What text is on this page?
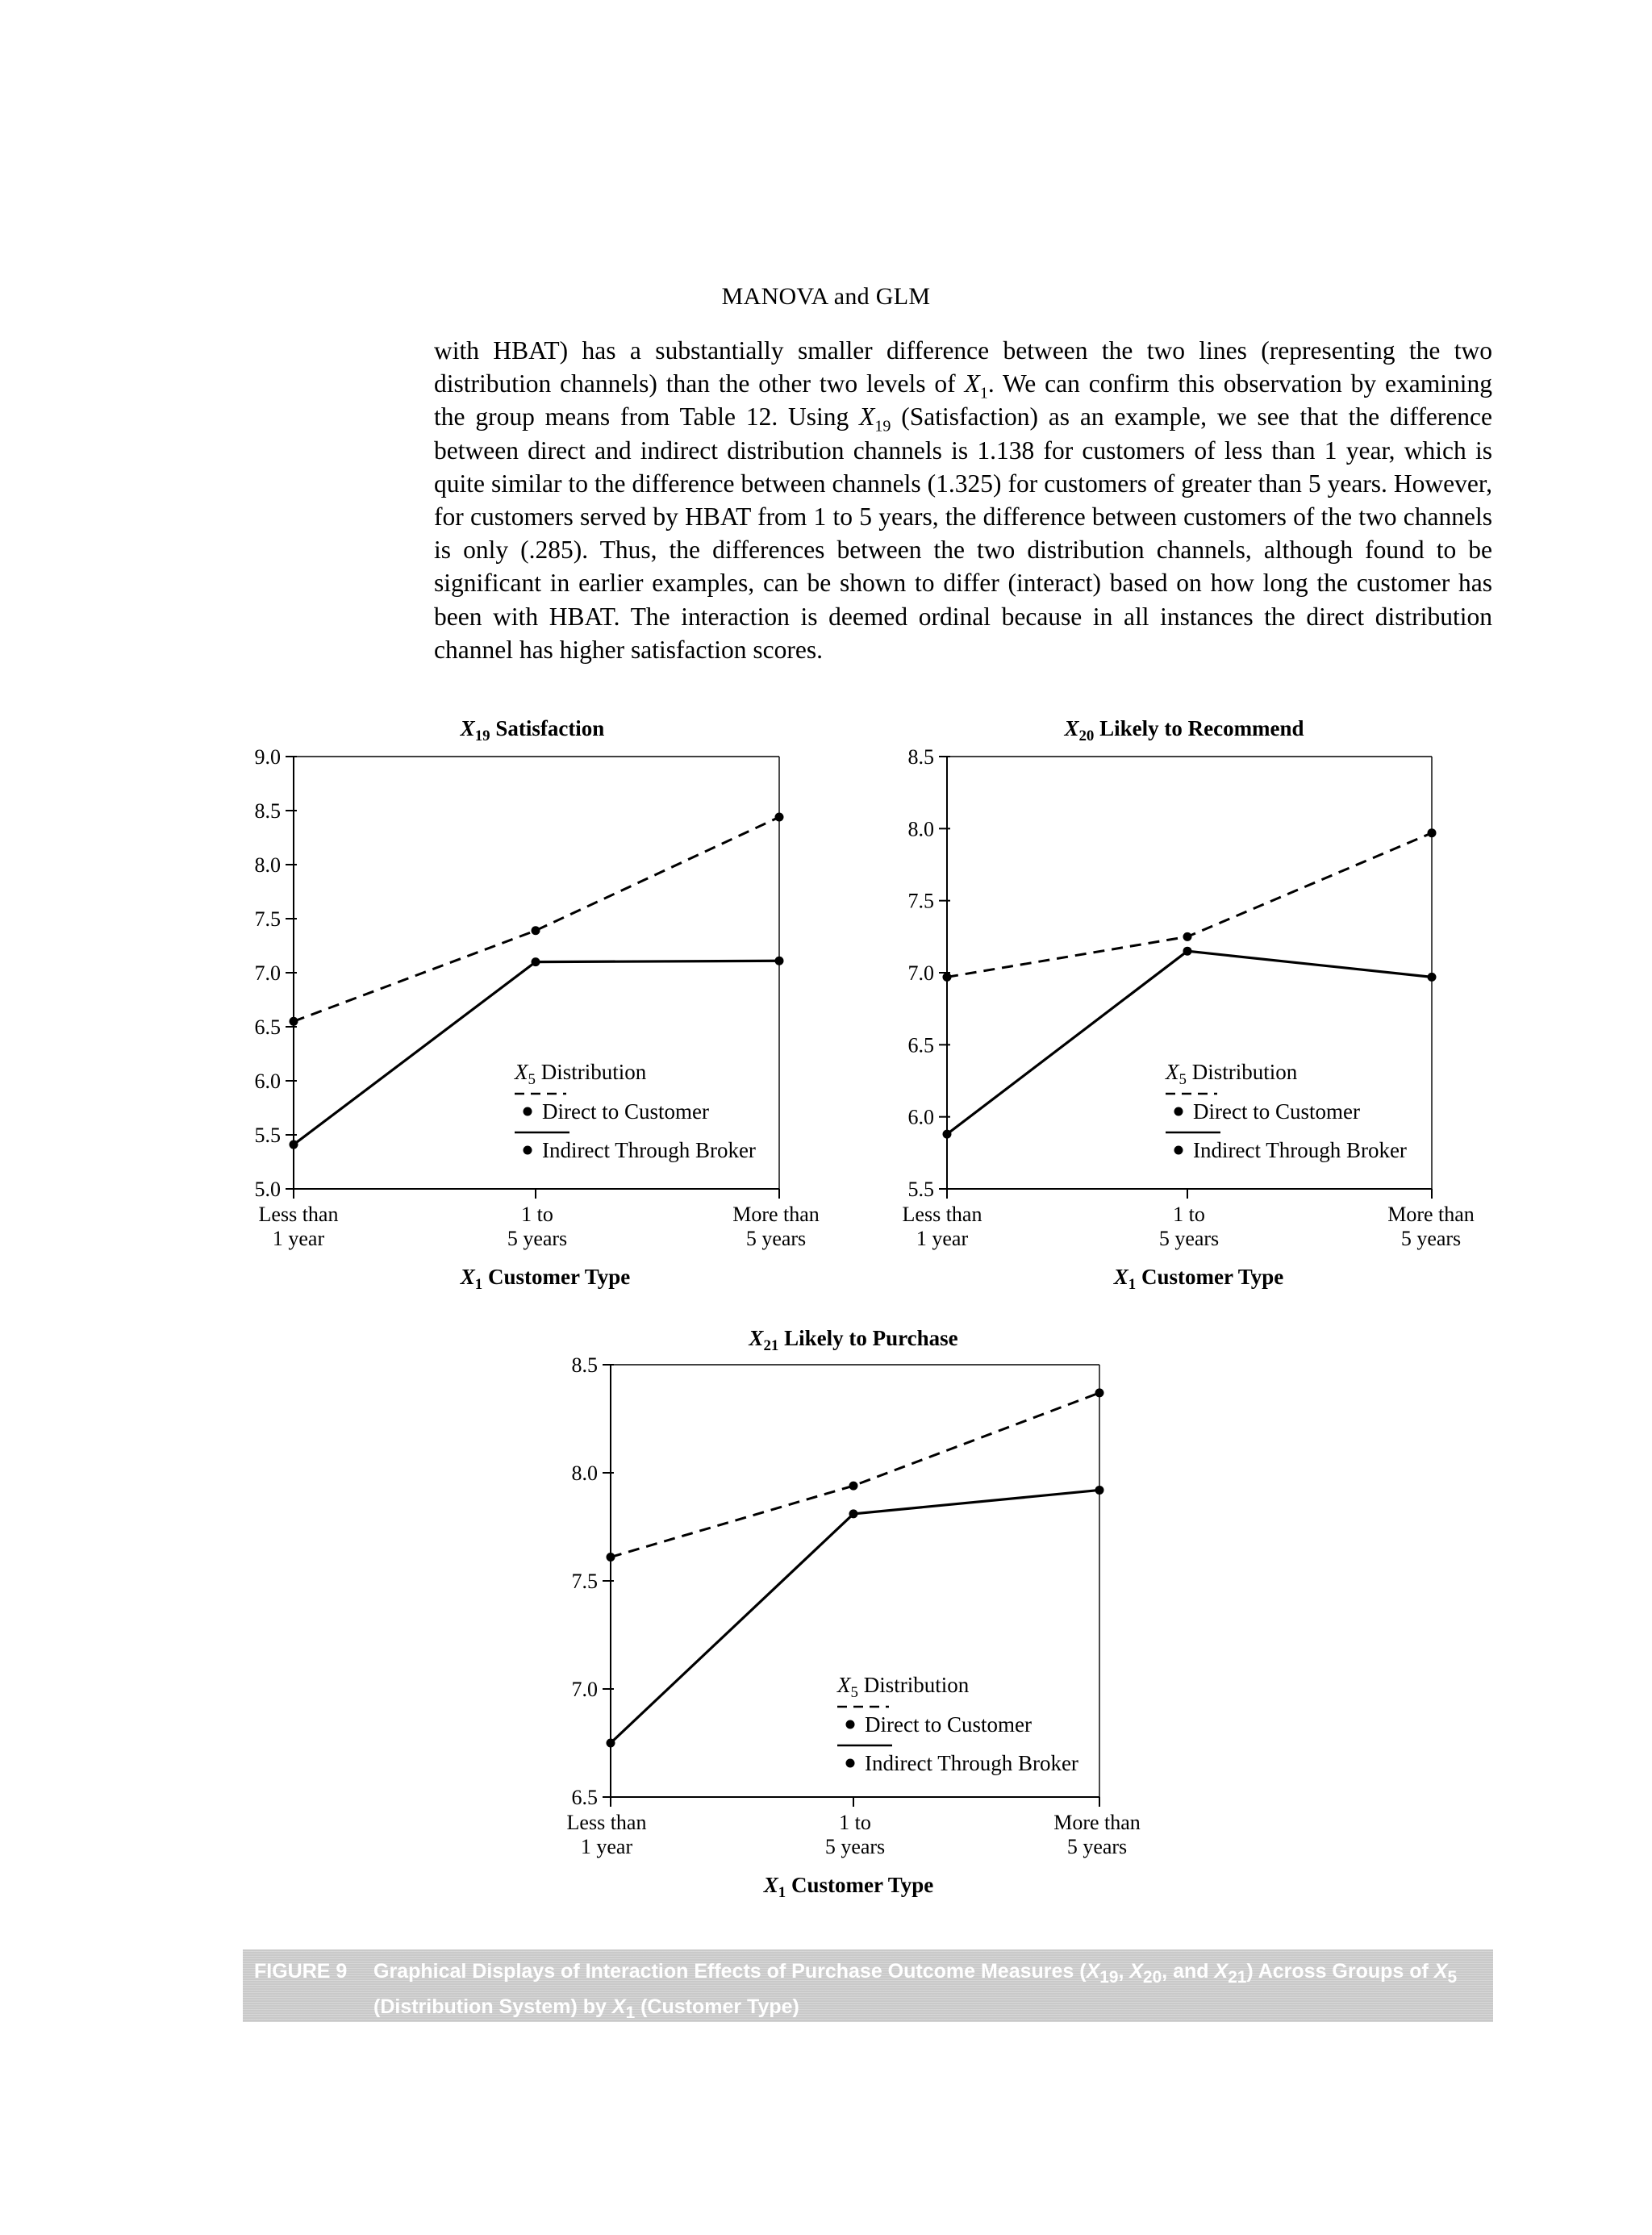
MANOVA and GLM

with HBAT) has a substantially smaller difference between the two lines (representing the two distribution channels) than the other two levels of $X_1$. We can confirm this observation by examining the group means from Table 12. Using $X_{19}$ (Satisfaction) as an example, we see that the difference between direct and indirect distribution channels is 1.138 for customers of less than 1 year, which is quite similar to the difference between channels (1.325) for customers of greater than 5 years. However, for customers served by HBAT from 1 to 5 years, the difference between customers of the two channels is only (.285). Thus, the differences between the two distribution channels, although found to be significant in earlier examples, can be shown to differ (interact) based on how long the customer has been with HBAT. The interaction is deemed ordinal because in all instances the direct distribution channel has higher satisfaction scores.

$X_{19}$ Satisfaction
5.0
5.5
6.0
6.5
7.0
7.5
8.0
8.5
9.0
Less than
1 year
1 to
5 years
More than
5 years
$X_1$ Customer Type
$X_5$ Distribution
Direct to Customer
Indirect Through Broker
$X_{20}$ Likely to Recommend
5.5
6.0
6.5
7.0
7.5
8.0
8.5
Less than
1 year
1 to
5 years
More than
5 years
$X_1$ Customer Type
$X_5$ Distribution
Direct to Customer
Indirect Through Broker
$X_{21}$ Likely to Purchase
6.5
7.0
7.5
8.0
8.5
Less than
1 year
1 to
5 years
More than
5 years
$X_1$ Customer Type
$X_5$ Distribution
Direct to Customer
Indirect Through Broker
FIGURE 9 Graphical Displays of Interaction Effects of Purchase Outcome Measures ($X_{19}$, $X_{20}$, and $X_{21}$) Across Groups of $X_5$ (Distribution System) by $X_1$ (Customer Type)
